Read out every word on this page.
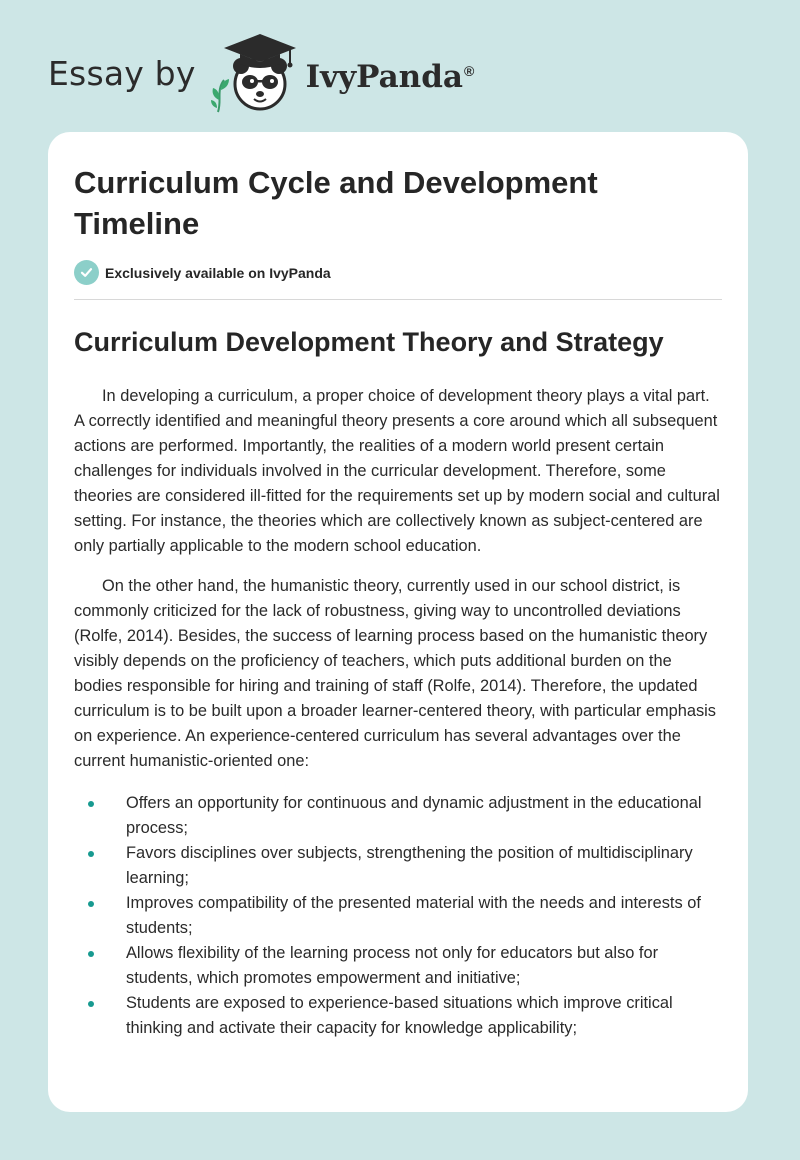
Essay by	IvyPanda®
Curriculum Cycle and Development Timeline
Exclusively available on IvyPanda
Curriculum Development Theory and Strategy

In developing a curriculum, a proper choice of development theory plays a vital part. A correctly identified and meaningful theory presents a core around which all subsequent actions are performed. Importantly, the realities of a modern world present certain challenges for individuals involved in the curricular development. Therefore, some theories are considered ill-fitted for the requirements set up by modern social and cultural setting. For instance, the theories which are collectively known as subject-centered are only partially applicable to the modern school education.

On the other hand, the humanistic theory, currently used in our school district, is commonly criticized for the lack of robustness, giving way to uncontrolled deviations (Rolfe, 2014). Besides, the success of learning process based on the humanistic theory visibly depends on the proficiency of teachers, which puts additional burden on the bodies responsible for hiring and training of staff (Rolfe, 2014). Therefore, the updated curriculum is to be built upon a broader learner-centered theory, with particular emphasis on experience. An experience-centered curriculum has several advantages over the current humanistic-oriented one:

Offers an opportunity for continuous and dynamic adjustment in the educational process;
Favors disciplines over subjects, strengthening the position of multidisciplinary learning;
Improves compatibility of the presented material with the needs and interests of students;
Allows flexibility of the learning process not only for educators but also for students, which promotes empowerment and initiative;
Students are exposed to experience-based situations which improve critical thinking and activate their capacity for knowledge applicability;
